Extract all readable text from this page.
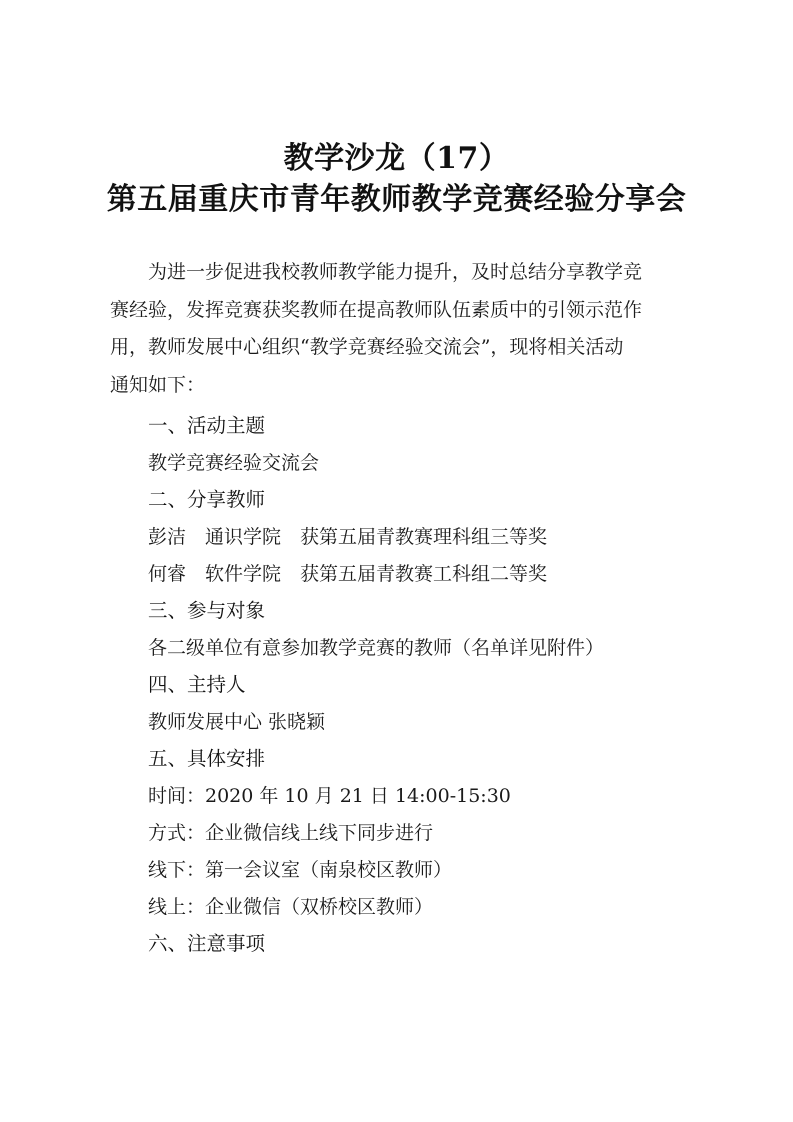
教学沙龙（17）
第五届重庆市青年教师教学竞赛经验分享会
为进一步促进我校教师教学能力提升，及时总结分享教学竞
赛经验，发挥竞赛获奖教师在提高教师队伍素质中的引领示范作
用，教师发展中心组织“教学竞赛经验交流会”，现将相关活动
通知如下：
一、活动主题
教学竞赛经验交流会
二、分享教师
彭洁　通识学院　获第五届青教赛理科组三等奖
何睿　软件学院　获第五届青教赛工科组二等奖
三、参与对象
各二级单位有意参加教学竞赛的教师（名单详见附件）
四、主持人
教师发展中心 张晓颖
五、具体安排
时间：2020 年 10 月 21 日 14:00-15:30
方式：企业微信线上线下同步进行
线下：第一会议室（南泉校区教师）
线上：企业微信（双桥校区教师）
六、注意事项
